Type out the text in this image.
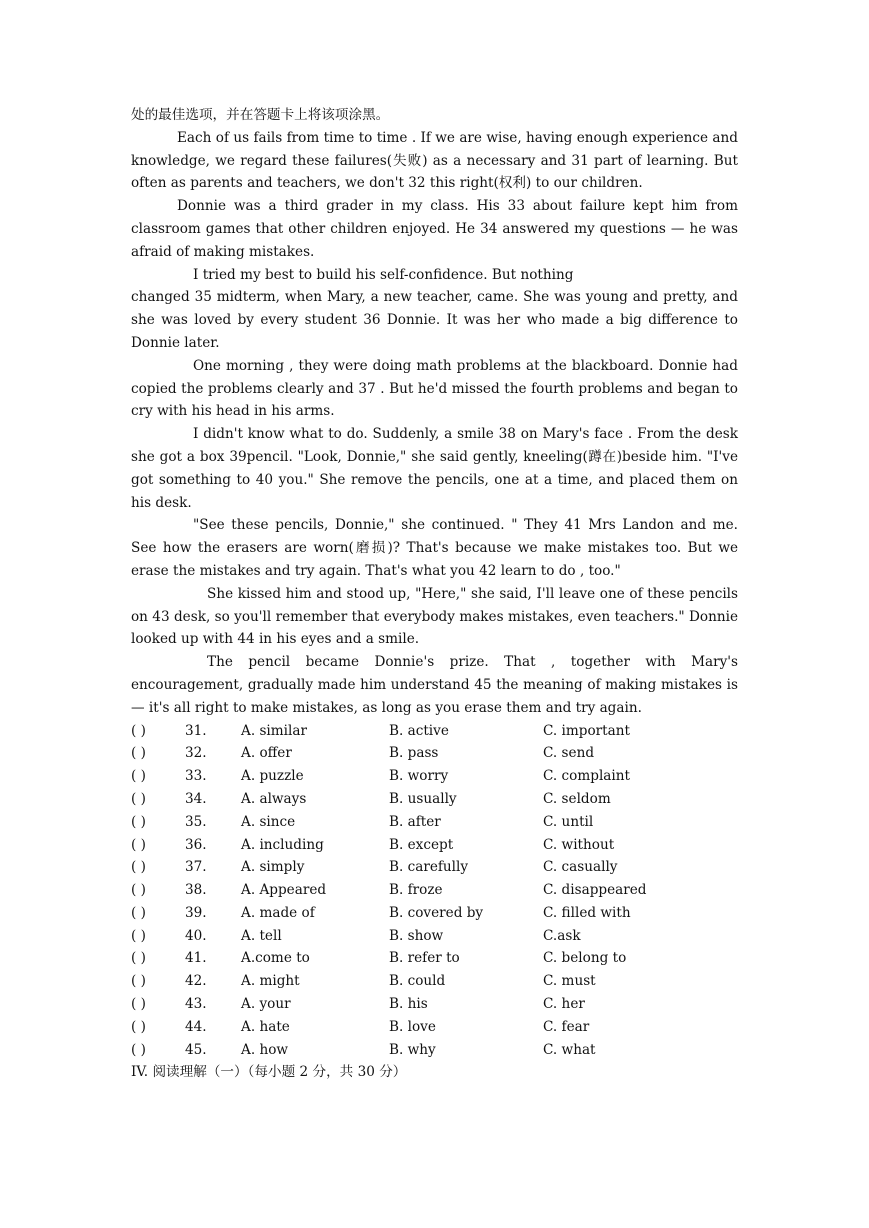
处的最佳选项，并在答题卡上将该项涂黑。
Each of us fails from time to time . If we are wise, having enough experience and knowledge, we regard these failures(失败) as a necessary and 31 part of learning. But often as parents and teachers, we don't 32 this right(权利) to our children.
Donnie was a third grader in my class. His 33 about failure kept him from classroom games that other children enjoyed. He 34 answered my questions — he was afraid of making mistakes.
I tried my best to build his self-confidence. But nothing
changed 35 midterm, when Mary, a new teacher, came. She was young and pretty, and she was loved by every student 36 Donnie. It was her who made a big difference to Donnie later.
One morning , they were doing math problems at the blackboard. Donnie had copied the problems clearly and 37 . But he'd missed the fourth problems and began to cry with his head in his arms.
I didn't know what to do. Suddenly, a smile 38 on Mary's face . From the desk she got a box 39pencil. "Look, Donnie," she said gently, kneeling(蹲在)beside him. "I've got something to 40 you." She remove the pencils, one at a time, and placed them on his desk.
"See these pencils, Donnie," she continued. " They 41 Mrs Landon and me. See how the erasers are worn(磨损)? That's because we make mistakes too. But we erase the mistakes and try again. That's what you 42 learn to do , too."
She kissed him and stood up, "Here," she said, I'll leave one of these pencils on 43 desk, so you'll remember that everybody makes mistakes, even teachers." Donnie looked up with 44 in his eyes and a smile.
The pencil became Donnie's prize. That , together with Mary's encouragement, gradually made him understand 45 the meaning of making mistakes is — it's all right to make mistakes, as long as you erase them and try again.
( )	31.	A. similar	B. active	C. important
( )	32.	A. offer	B. pass	C. send
( )	33.	A. puzzle	B. worry	C. complaint
( )	34.	A. always	B. usually	C. seldom
( )	35.	A. since	B. after	C. until
( )	36.	A. including	B. except	C. without
( )	37.	A. simply	B. carefully	C. casually
( )	38.	A. Appeared	B. froze	C. disappeared
( )	39.	A. made of	B. covered by	C. filled with
( )	40.	A. tell	B. show	C.ask
( )	41.	A.come to	B. refer to	C. belong to
( )	42.	A. might	B. could	C. must
( )	43.	A. your	B. his	C. her
( )	44.	A. hate	B. love	C. fear
( )	45.	A. how	B. why	C. what
IV. 阅读理解（一）（每小题 2 分，共 30 分）
